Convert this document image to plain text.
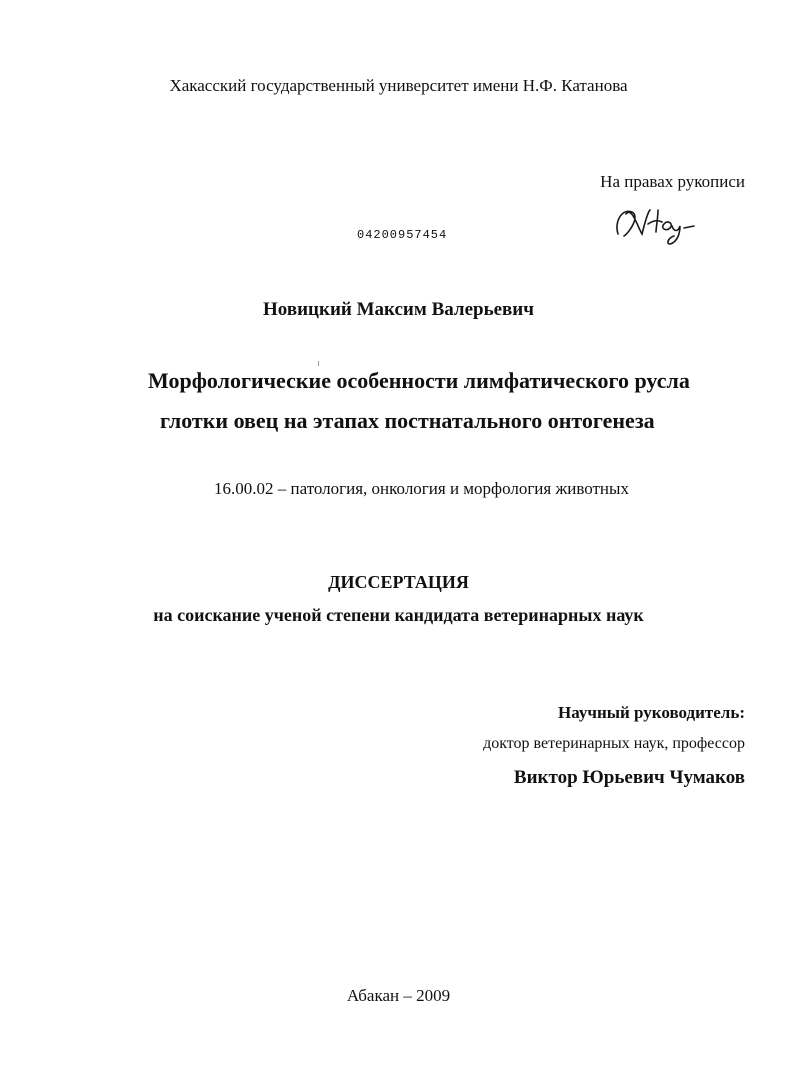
Хакасский государственный университет имени Н.Ф. Катанова
На правах рукописи
04200957454
Новицкий Максим Валерьевич
Морфологические особенности лимфатического русла
глотки овец на этапах постнатального онтогенеза
16.00.02 – патология, онкология и морфология животных
ДИССЕРТАЦИЯ
на соискание ученой степени кандидата ветеринарных наук
Научный руководитель:
доктор ветеринарных наук, профессор
Виктор Юрьевич Чумаков
Абакан – 2009
